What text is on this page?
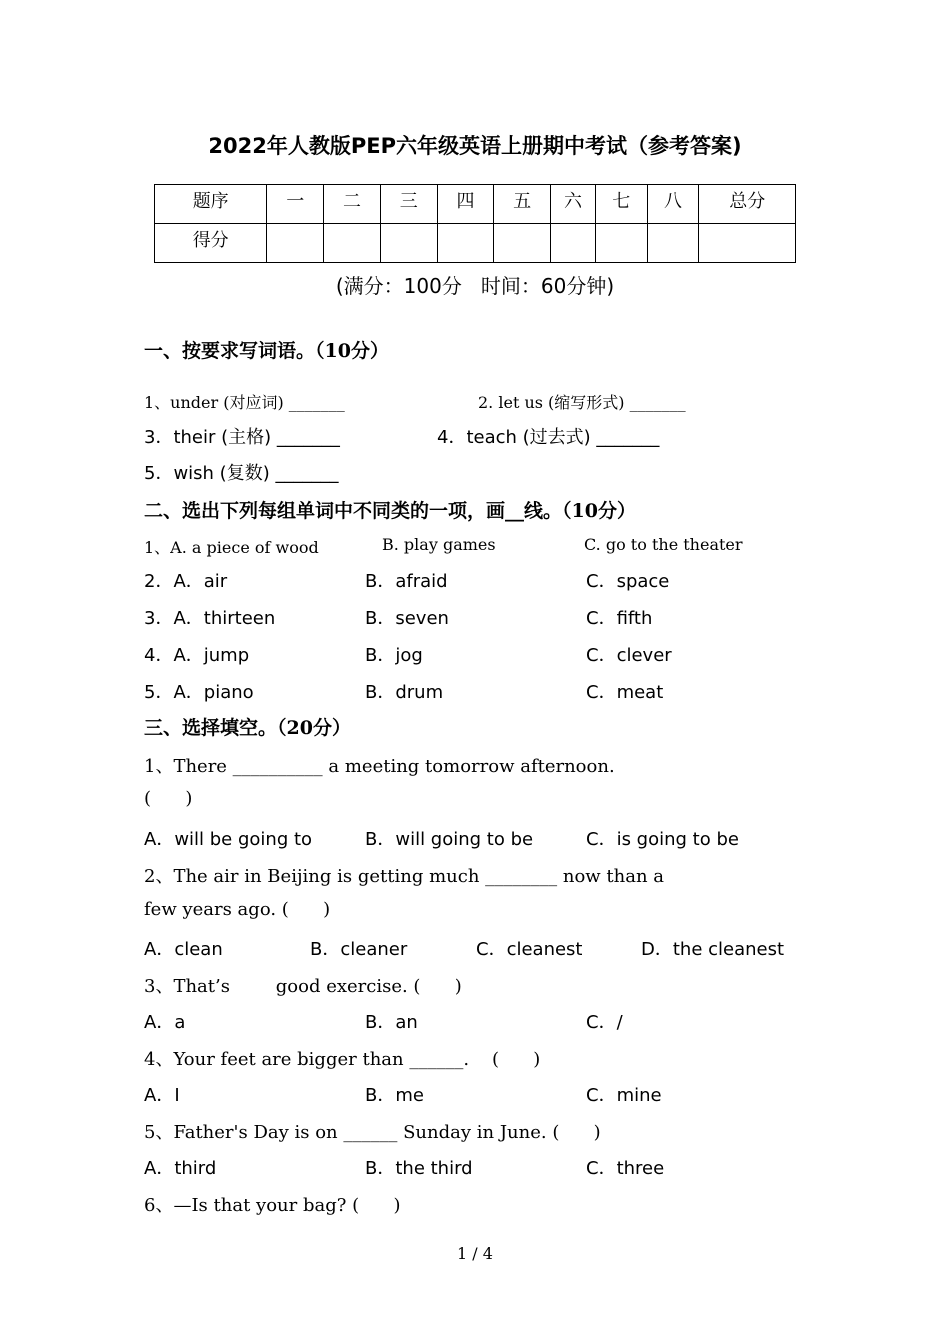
2022年人教版PEP六年级英语上册期中考试（参考答案)
题序	一	二	三	四	五	六	七	八	总分
得分									
(满分：100分   时间：60分钟)
一、按要求写词语。（10分）
1、under (对应词) _______	2. let us (缩写形式) _______
3．their (主格) _______	4．teach (过去式) _______
5．wish (复数) _______
二、选出下列每组单词中不同类的一项，画__线。（10分）
1、A. a piece of wood	B. play games	C. go to the theater
2．A．air	B．afraid	C．space
3．A．thirteen	B．seven	C．fifth
4．A．jump	B．jog	C．clever
5．A．piano	B．drum	C．meat
三、选择填空。（20分）
1、There __________ a meeting tomorrow afternoon.
(      )
A．will be going to	B．will going to be	C．is going to be
2、The air in Beijing is getting much ________ now than a
few years ago. (      )
A．clean	B．cleaner	C．cleanest	D．the cleanest
3、That’s        good exercise. (      )
A．a	B．an	C．/
4、Your feet are bigger than ______.    (      )
A．I	B．me	C．mine
5、Father's Day is on ______ Sunday in June. (      )
A．third	B．the third	C．three
6、—Is that your bag? (      )
1 / 4
